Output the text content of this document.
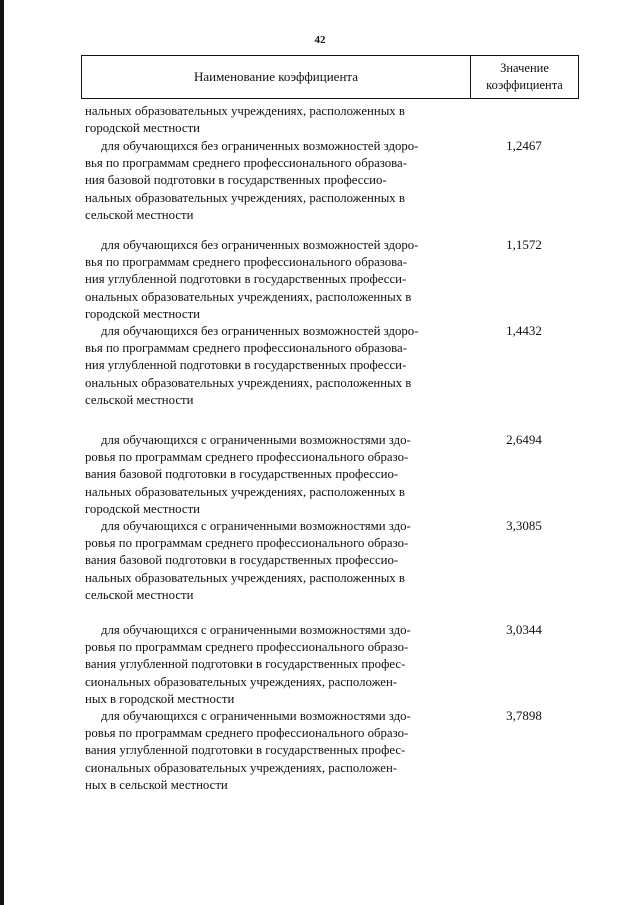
42
Наименование коэффициента
Значение
коэффициента
нальных образовательных учреждениях, расположенных в
городской местности
для обучающихся без ограниченных возможностей здоро-
вья по программам среднего профессионального образова-
ния базовой подготовки в государственных профессио-
нальных образовательных учреждениях, расположенных в
сельской местности
1,2467
для обучающихся без ограниченных возможностей здоро-
вья по программам среднего профессионального образова-
ния углубленной подготовки в государственных професси-
ональных образовательных учреждениях, расположенных в
городской местности
1,1572
для обучающихся без ограниченных возможностей здоро-
вья по программам среднего профессионального образова-
ния углубленной подготовки в государственных професси-
ональных образовательных учреждениях, расположенных в
сельской местности
1,4432
для обучающихся с ограниченными возможностями здо-
ровья по программам среднего профессионального образо-
вания базовой подготовки в государственных профессио-
нальных образовательных учреждениях, расположенных в
городской местности
2,6494
для обучающихся с ограниченными возможностями здо-
ровья по программам среднего профессионального образо-
вания базовой подготовки в государственных профессио-
нальных образовательных учреждениях, расположенных в
сельской местности
3,3085
для обучающихся с ограниченными возможностями здо-
ровья по программам среднего профессионального образо-
вания углубленной подготовки в государственных профес-
сиональных образовательных учреждениях, расположен-
ных в городской местности
3,0344
для обучающихся с ограниченными возможностями здо-
ровья по программам среднего профессионального образо-
вания углубленной подготовки в государственных профес-
сиональных образовательных учреждениях, расположен-
ных в сельской местности
3,7898
